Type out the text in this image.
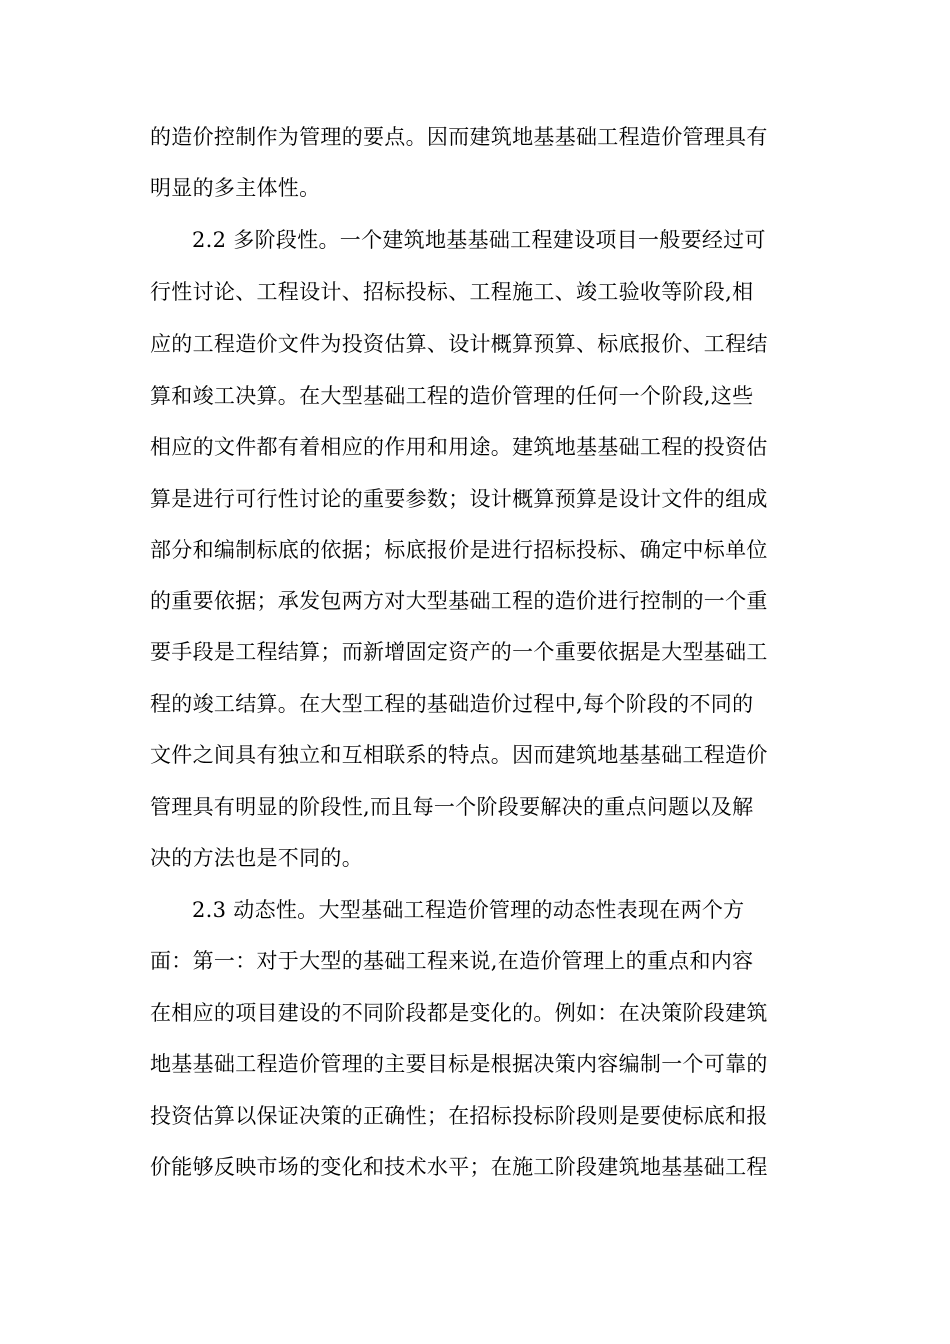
的造价控制作为管理的要点。因而建筑地基基础工程造价管理具有
明显的多主体性。
2.2 多阶段性。一个建筑地基基础工程建设项目一般要经过可
行性讨论、工程设计、招标投标、工程施工、竣工验收等阶段,相
应的工程造价文件为投资估算、设计概算预算、标底报价、工程结
算和竣工决算。在大型基础工程的造价管理的任何一个阶段,这些
相应的文件都有着相应的作用和用途。建筑地基基础工程的投资估
算是进行可行性讨论的重要参数；设计概算预算是设计文件的组成
部分和编制标底的依据；标底报价是进行招标投标、确定中标单位
的重要依据；承发包两方对大型基础工程的造价进行控制的一个重
要手段是工程结算；而新增固定资产的一个重要依据是大型基础工
程的竣工结算。在大型工程的基础造价过程中,每个阶段的不同的
文件之间具有独立和互相联系的特点。因而建筑地基基础工程造价
管理具有明显的阶段性,而且每一个阶段要解决的重点问题以及解
决的方法也是不同的。
2.3 动态性。大型基础工程造价管理的动态性表现在两个方
面：第一：对于大型的基础工程来说,在造价管理上的重点和内容
在相应的项目建设的不同阶段都是变化的。例如：在决策阶段建筑
地基基础工程造价管理的主要目标是根据决策内容编制一个可靠的
投资估算以保证决策的正确性；在招标投标阶段则是要使标底和报
价能够反映市场的变化和技术水平；在施工阶段建筑地基基础工程
